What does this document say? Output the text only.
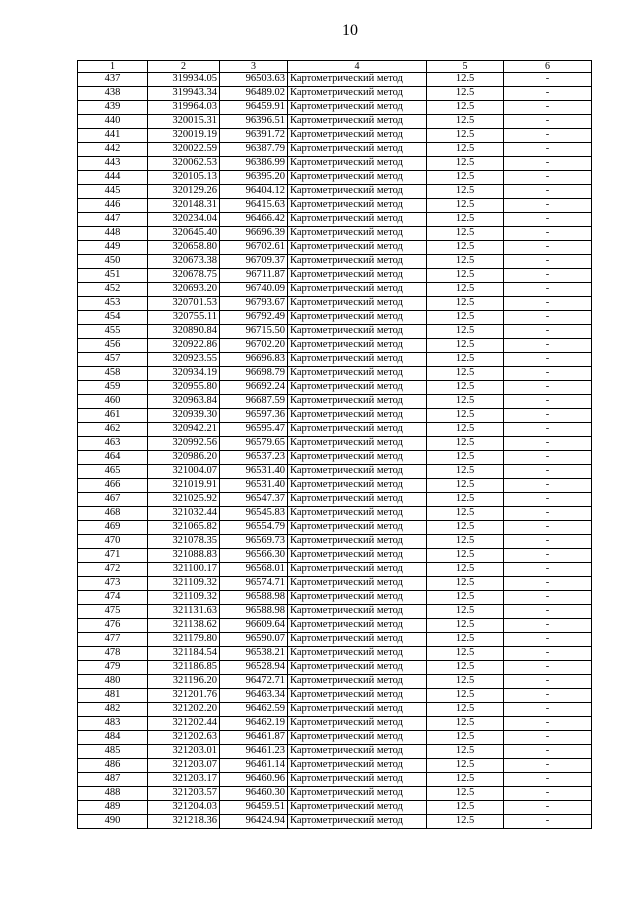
10
1	2	3	4	5	6
437	319934.05	96503.63	Картометрический метод	12.5	-
438	319943.34	96489.02	Картометрический метод	12.5	-
439	319964.03	96459.91	Картометрический метод	12.5	-
440	320015.31	96396.51	Картометрический метод	12.5	-
441	320019.19	96391.72	Картометрический метод	12.5	-
442	320022.59	96387.79	Картометрический метод	12.5	-
443	320062.53	96386.99	Картометрический метод	12.5	-
444	320105.13	96395.20	Картометрический метод	12.5	-
445	320129.26	96404.12	Картометрический метод	12.5	-
446	320148.31	96415.63	Картометрический метод	12.5	-
447	320234.04	96466.42	Картометрический метод	12.5	-
448	320645.40	96696.39	Картометрический метод	12.5	-
449	320658.80	96702.61	Картометрический метод	12.5	-
450	320673.38	96709.37	Картометрический метод	12.5	-
451	320678.75	96711.87	Картометрический метод	12.5	-
452	320693.20	96740.09	Картометрический метод	12.5	-
453	320701.53	96793.67	Картометрический метод	12.5	-
454	320755.11	96792.49	Картометрический метод	12.5	-
455	320890.84	96715.50	Картометрический метод	12.5	-
456	320922.86	96702.20	Картометрический метод	12.5	-
457	320923.55	96696.83	Картометрический метод	12.5	-
458	320934.19	96698.79	Картометрический метод	12.5	-
459	320955.80	96692.24	Картометрический метод	12.5	-
460	320963.84	96687.59	Картометрический метод	12.5	-
461	320939.30	96597.36	Картометрический метод	12.5	-
462	320942.21	96595.47	Картометрический метод	12.5	-
463	320992.56	96579.65	Картометрический метод	12.5	-
464	320986.20	96537.23	Картометрический метод	12.5	-
465	321004.07	96531.40	Картометрический метод	12.5	-
466	321019.91	96531.40	Картометрический метод	12.5	-
467	321025.92	96547.37	Картометрический метод	12.5	-
468	321032.44	96545.83	Картометрический метод	12.5	-
469	321065.82	96554.79	Картометрический метод	12.5	-
470	321078.35	96569.73	Картометрический метод	12.5	-
471	321088.83	96566.30	Картометрический метод	12.5	-
472	321100.17	96568.01	Картометрический метод	12.5	-
473	321109.32	96574.71	Картометрический метод	12.5	-
474	321109.32	96588.98	Картометрический метод	12.5	-
475	321131.63	96588.98	Картометрический метод	12.5	-
476	321138.62	96609.64	Картометрический метод	12.5	-
477	321179.80	96590.07	Картометрический метод	12.5	-
478	321184.54	96538.21	Картометрический метод	12.5	-
479	321186.85	96528.94	Картометрический метод	12.5	-
480	321196.20	96472.71	Картометрический метод	12.5	-
481	321201.76	96463.34	Картометрический метод	12.5	-
482	321202.20	96462.59	Картометрический метод	12.5	-
483	321202.44	96462.19	Картометрический метод	12.5	-
484	321202.63	96461.87	Картометрический метод	12.5	-
485	321203.01	96461.23	Картометрический метод	12.5	-
486	321203.07	96461.14	Картометрический метод	12.5	-
487	321203.17	96460.96	Картометрический метод	12.5	-
488	321203.57	96460.30	Картометрический метод	12.5	-
489	321204.03	96459.51	Картометрический метод	12.5	-
490	321218.36	96424.94	Картометрический метод	12.5	-
